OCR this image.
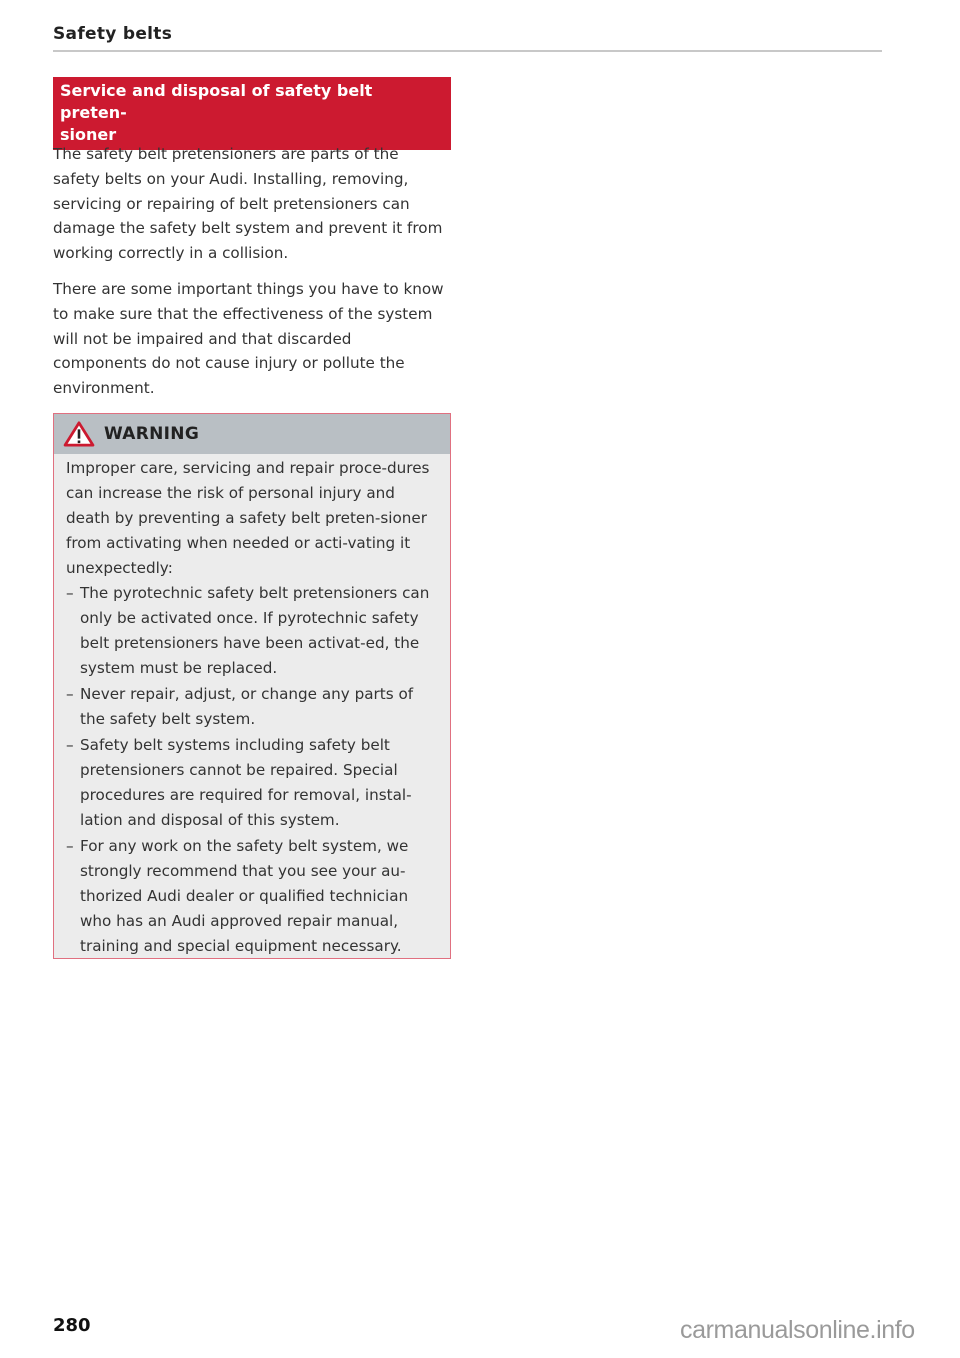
Safety belts
Service and disposal of safety belt preten-
sioner

The safety belt pretensioners are parts of the safety belts on your Audi. Installing, removing, servicing or repairing of belt pretensioners can damage the safety belt system and prevent it from working correctly in a collision.

There are some important things you have to know to make sure that the effectiveness of the system will not be impaired and that discarded components do not cause injury or pollute the environment.

WARNING

Improper care, servicing and repair proce-dures can increase the risk of personal injury and death by preventing a safety belt preten-sioner from activating when needed or acti-vating it unexpectedly:

– The pyrotechnic safety belt pretensioners can only be activated once. If pyrotechnic safety belt pretensioners have been activat-ed, the system must be replaced.
– Never repair, adjust, or change any parts of the safety belt system.
– Safety belt systems including safety belt pretensioners cannot be repaired. Special procedures are required for removal, instal-lation and disposal of this system.
– For any work on the safety belt system, we strongly recommend that you see your au-thorized Audi dealer or qualified technician who has an Audi approved repair manual, training and special equipment necessary.
280	carmanualsonline.info
